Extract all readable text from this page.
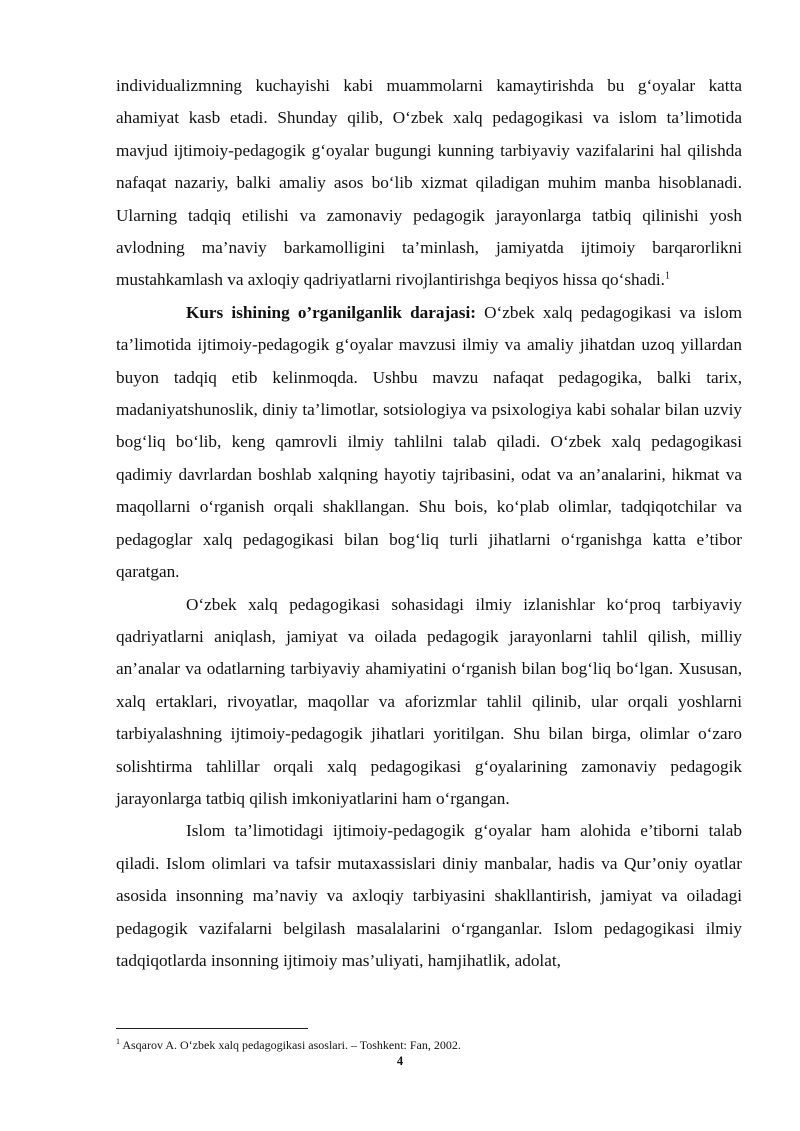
individualizmning kuchayishi kabi muammolarni kamaytirishda bu g‘oyalar katta ahamiyat kasb etadi. Shunday qilib, O‘zbek xalq pedagogikasi va islom ta’limotida mavjud ijtimoiy-pedagogik g‘oyalar bugungi kunning tarbiyaviy vazifalarini hal qilishda nafaqat nazariy, balki amaliy asos bo‘lib xizmat qiladigan muhim manba hisoblanadi. Ularning tadqiq etilishi va zamonaviy pedagogik jarayonlarga tatbiq qilinishi yosh avlodning ma’naviy barkamolligini ta’minlash, jamiyatda ijtimoiy barqarorlikni mustahkamlash va axloqiy qadriyatlarni rivojlantirishga beqiyos hissa qo‘shadi.$^1$

Kurs ishining o’rganilganlik darajasi: O‘zbek xalq pedagogikasi va islom ta’limotida ijtimoiy-pedagogik g‘oyalar mavzusi ilmiy va amaliy jihatdan uzoq yillardan buyon tadqiq etib kelinmoqda. Ushbu mavzu nafaqat pedagogika, balki tarix, madaniyatshunoslik, diniy ta’limotlar, sotsiologiya va psixologiya kabi sohalar bilan uzviy bog‘liq bo‘lib, keng qamrovli ilmiy tahlilni talab qiladi. O‘zbek xalq pedagogikasi qadimiy davrlardan boshlab xalqning hayotiy tajribasini, odat va an’analarini, hikmat va maqollarni o‘rganish orqali shakllangan. Shu bois, ko‘plab olimlar, tadqiqotchilar va pedagoglar xalq pedagogikasi bilan bog‘liq turli jihatlarni o‘rganishga katta e’tibor qaratgan.

O‘zbek xalq pedagogikasi sohasidagi ilmiy izlanishlar ko‘proq tarbiyaviy qadriyatlarni aniqlash, jamiyat va oilada pedagogik jarayonlarni tahlil qilish, milliy an’analar va odatlarning tarbiyaviy ahamiyatini o‘rganish bilan bog‘liq bo‘lgan. Xususan, xalq ertaklari, rivoyatlar, maqollar va aforizmlar tahlil qilinib, ular orqali yoshlarni tarbiyalashning ijtimoiy-pedagogik jihatlari yoritilgan. Shu bilan birga, olimlar o‘zaro solishtirma tahlillar orqali xalq pedagogikasi g‘oyalarining zamonaviy pedagogik jarayonlarga tatbiq qilish imkoniyatlarini ham o‘rgangan.

Islom ta’limotidagi ijtimoiy-pedagogik g‘oyalar ham alohida e’tiborni talab qiladi. Islom olimlari va tafsir mutaxassislari diniy manbalar, hadis va Qur’oniy oyatlar asosida insonning ma’naviy va axloqiy tarbiyasini shakllantirish, jamiyat va oiladagi pedagogik vazifalarni belgilash masalalarini o‘rganganlar. Islom pedagogikasi ilmiy tadqiqotlarda insonning ijtimoiy mas’uliyati, hamjihatlik, adolat,

$^1$ Asqarov A. O‘zbek xalq pedagogikasi asoslari. – Toshkent: Fan, 2002.
4
